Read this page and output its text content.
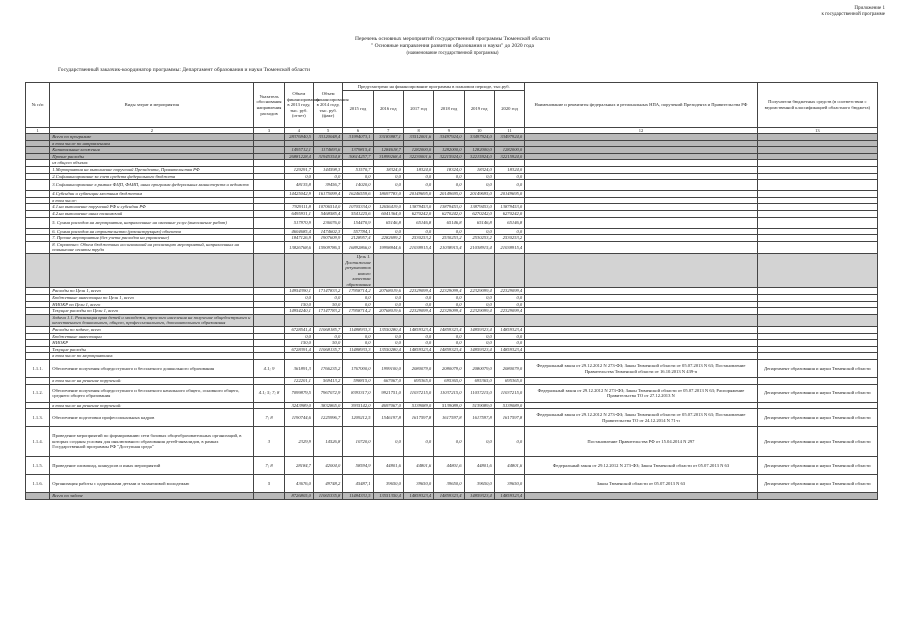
Приложение 1
к государственной программе
Перечень основных мероприятий государственной программы Тюменской области
" Основные направления развития образования и науки" до 2020 года
(наименование государственной программы)
Государственный заказчик-координатор программы: Департамент образования и науки Тюменской области
№ п/п	Виды затрат и мероприятия	Указатель обоснования направления расходов	Объем финансирования в 2013 году, тыс. руб. (отчет)	Объем финансирования в 2014 году, тыс. руб. (факт)	Предусмотрено на финансирование программы в плановом периоде, тыс.руб.						Наименование и реквизиты федеральных и региональных НПА, поручений Президента и Правительства РФ	Получатели бюджетных средств (в соответствии с ведомственной классификацией областного бюджета)
					2015 год	2016 год	2017 год	2018 год	2019 год	2020 год		
1	2	3	4	5	6	7	8	9	10	11	12	13
	Всего по программе		28376940,5	33120048,4	31994073,1	33183887,1	33512001,6	33497924,0	33497924,0	33497924,0		
	в том числе по направлениям											
	Капитальные вложения		1495712,1	1174693,6	1379815,4	1284618,7	1282000,0	1282000,0	1282000,0	1282000,0		
	Прочие расходы		26881228,4	31945354,8	30614257,7	31899268,4	32230001,6	32215924,0	32215924,0	32215924,0		
	из общего объема:											
	1.Мероприятия на выполнение поручений Президента, Правительства РФ		129291,7	144598,3	51570,7	18324,0	18324,0	18324,0	18324,0	18324,0		
	2.Софинансирование за счет средств федерального бюджета		0,0	0,0	0,0	0,0	0,0	0,0	0,0	0,0		
	3.Софинансирование в рамках ФЦП, ФАИП, иных программ федеральных министерств и ведомств		48135,8	39456,7	14020,0	0,0	0,0	0,0	0,0	0,0		
	4.Субсидии и субвенции местным бюджетам		14425042,9	16175099,4	16246559,6	18697783,0	20149695,0	20149695,0	20149695,0	20149695,0		
	в том числе:											
	4.1.на выполнение поручений РФ и субсидии РФ		7929111,8	10706514,0	10705334,0	12656419,0	13879453,0	13879453,0	13879453,0	13879453,0		
	4.2.на выполнение иных полномочий		6495931,1	5468585,4	5541225,6	6041364,0	6270242,0	6270242,0	6270242,0	6270242,0		
	5. Сумма расходов на мероприятия, направленные на оказание услуг (выполнение работ)		517970,9	236076,0	154470,9	65146,8	65146,8	65146,8	65146,8	65146,8		
	6. Сумма расходов на строительство (реконструкцию) объектов		4604685,4	1474602,3	557784,1	0,0	0,0	0,0	0,0	0,0		
	7. Прочие мероприятия (без учета расходов на управление)		1847126,9	1907609,9	2128957,4	2282699,2	2530253,2	2530253,2	2530253,2	2530253,2		
	8. Справочно: Объем бюджетных ассигнований на реализацию мероприятий, направленных на повышение оплаты труда		13826768,6	15909786,5	16892866,0	19998844,6	21038915,4	21038915,4	21038915,4	21038915,4		
					Цель 1. Достижение результатов нового качества образования							
	Расходы по Цели 1, всего		14954390,1	17147833,2	17958714,2	20768019,6	22329099,4	22329099,4	22329099,4	22329099,4		
	Бюджетные инвестиции по Цели 1, всего		0,0	0,0	0,0	0,0	0,0	0,0	0,0	0,0		
	НИОКР по Цели 1, всего		150,0	50,0	0,0	0,0	0,0	0,0	0,0	0,0		
	Текущие расходы по Цели 1, всего		14954240,1	17147783,2	17958714,2	20768019,6	22329099,4	22329099,4	22329099,4	22329099,4		
	Задача 1.1. Реализация прав детей и молодежи, взрослого населения на получение общедоступного и качественного дошкольного, общего, профессионального, дополнительного образования											
	Расходы по задаче, всего		6728541,4	11068185,7	11488933,3	13550280,4	14859323,4	14859323,4	14859323,4	14859323,4		
	Бюджетные инвестиции		0,0	0,0	0,0	0,0	0,0	0,0	0,0	0,0		
	НИОКР		150,0	50,0	0,0	0,0	0,0	0,0	0,0	0,0		
	Текущие расходы		6728391,4	11068135,7	11488933,3	13550280,4	14859323,4	14859323,4	14859323,4	14859323,4		
	в том числе по мероприятиям:											
1.1.1.	Обеспечение получения общедоступного и бесплатного дошкольного образования	4.1; 9	361891,3	1766235,2	1767000,0	1999100,0	2080079,0	2080079,0	2080079,0	2080079,0	Федеральный закон от 29.12.2012 N 273-ФЗ; Закон Тюменской области от 05.07.2013 N 63; Постановление Правительства Тюменской области от 16.10.2013 N 439-п	Департамент образования и науки Тюменской области
	в том числе на решение поручений:		122201,1	569413,2	598815,0	667067,0	695365,0	695365,0	695365,0	695365,0		
1.1.2.	Обеспечение получения общедоступного и бесплатного начального общего, основного общего, среднего общего образования	4.1; 5; 7; 8	7099879,5	7967072,9	8393317,0	9921751,0	11037215,0	11037215,0	11037215,0	11037215,0	Федеральный закон от 29.12.2012 N 273-ФЗ; Закон Тюменской области от 05.07.2013 N 63; Распоряжение Правительства ТО от 27.12.2013 N	Департамент образования и науки Тюменской области
	в том числе на решение поручений:		3243989,0	3832865,0	3935142,0	4697067,0	5139089,0	5139089,0	5139089,0	5139089,0		
1.1.3.	Обеспечение подготовки профессиональных кадров	7; 8	1190744,6	1225996,7	1209212,5	1546197,8	1617597,8	1617597,8	1617597,8	1617597,8	Федеральный закон от 29.12.2012 N 273-ФЗ; Закон Тюменской области от 05.07.2013 N 63; Постановление Правительства ТО от 24.12.2014 N 71-п	Департамент образования и науки Тюменской области
1.1.4.	Проведение мероприятий по формированию сети базовых общеобразовательных организаций, в которых созданы условия для инклюзивного образования детей-инвалидов, в рамках Государственной программы РФ "Доступная среда"	3	2329,9	14526,8	10720,0	0,0	0,0	0,0	0,0	0,0	Постановление Правительства РФ от 15.04.2014 N 297	Департамент образования и науки Тюменской области
1.1.5.	Проведение олимпиад, конкурсов и иных мероприятий	7; 8	28184,7	42004,0	58594,9	44801,6	44801,6	44801,6	44801,6	44801,6	Федеральный закон от 29.12.2012 N 273-ФЗ; Закон Тюменской области от 05.07.2013 N 63	Департамент образования и науки Тюменской области
1.1.6.	Организация работы с одаренными детьми и талантливой молодежью	5	43676,0	49748,2	45487,1	39650,0	39650,0	39650,0	39650,0	39650,0	Закон Тюменской области от 05.07.2013 N 63	Департамент образования и науки Тюменской области
	Всего по задаче		8726805,0	11065335,8	11484331,5	13551350,4	14859323,4	14859323,4	14859323,4	14859323,4		
